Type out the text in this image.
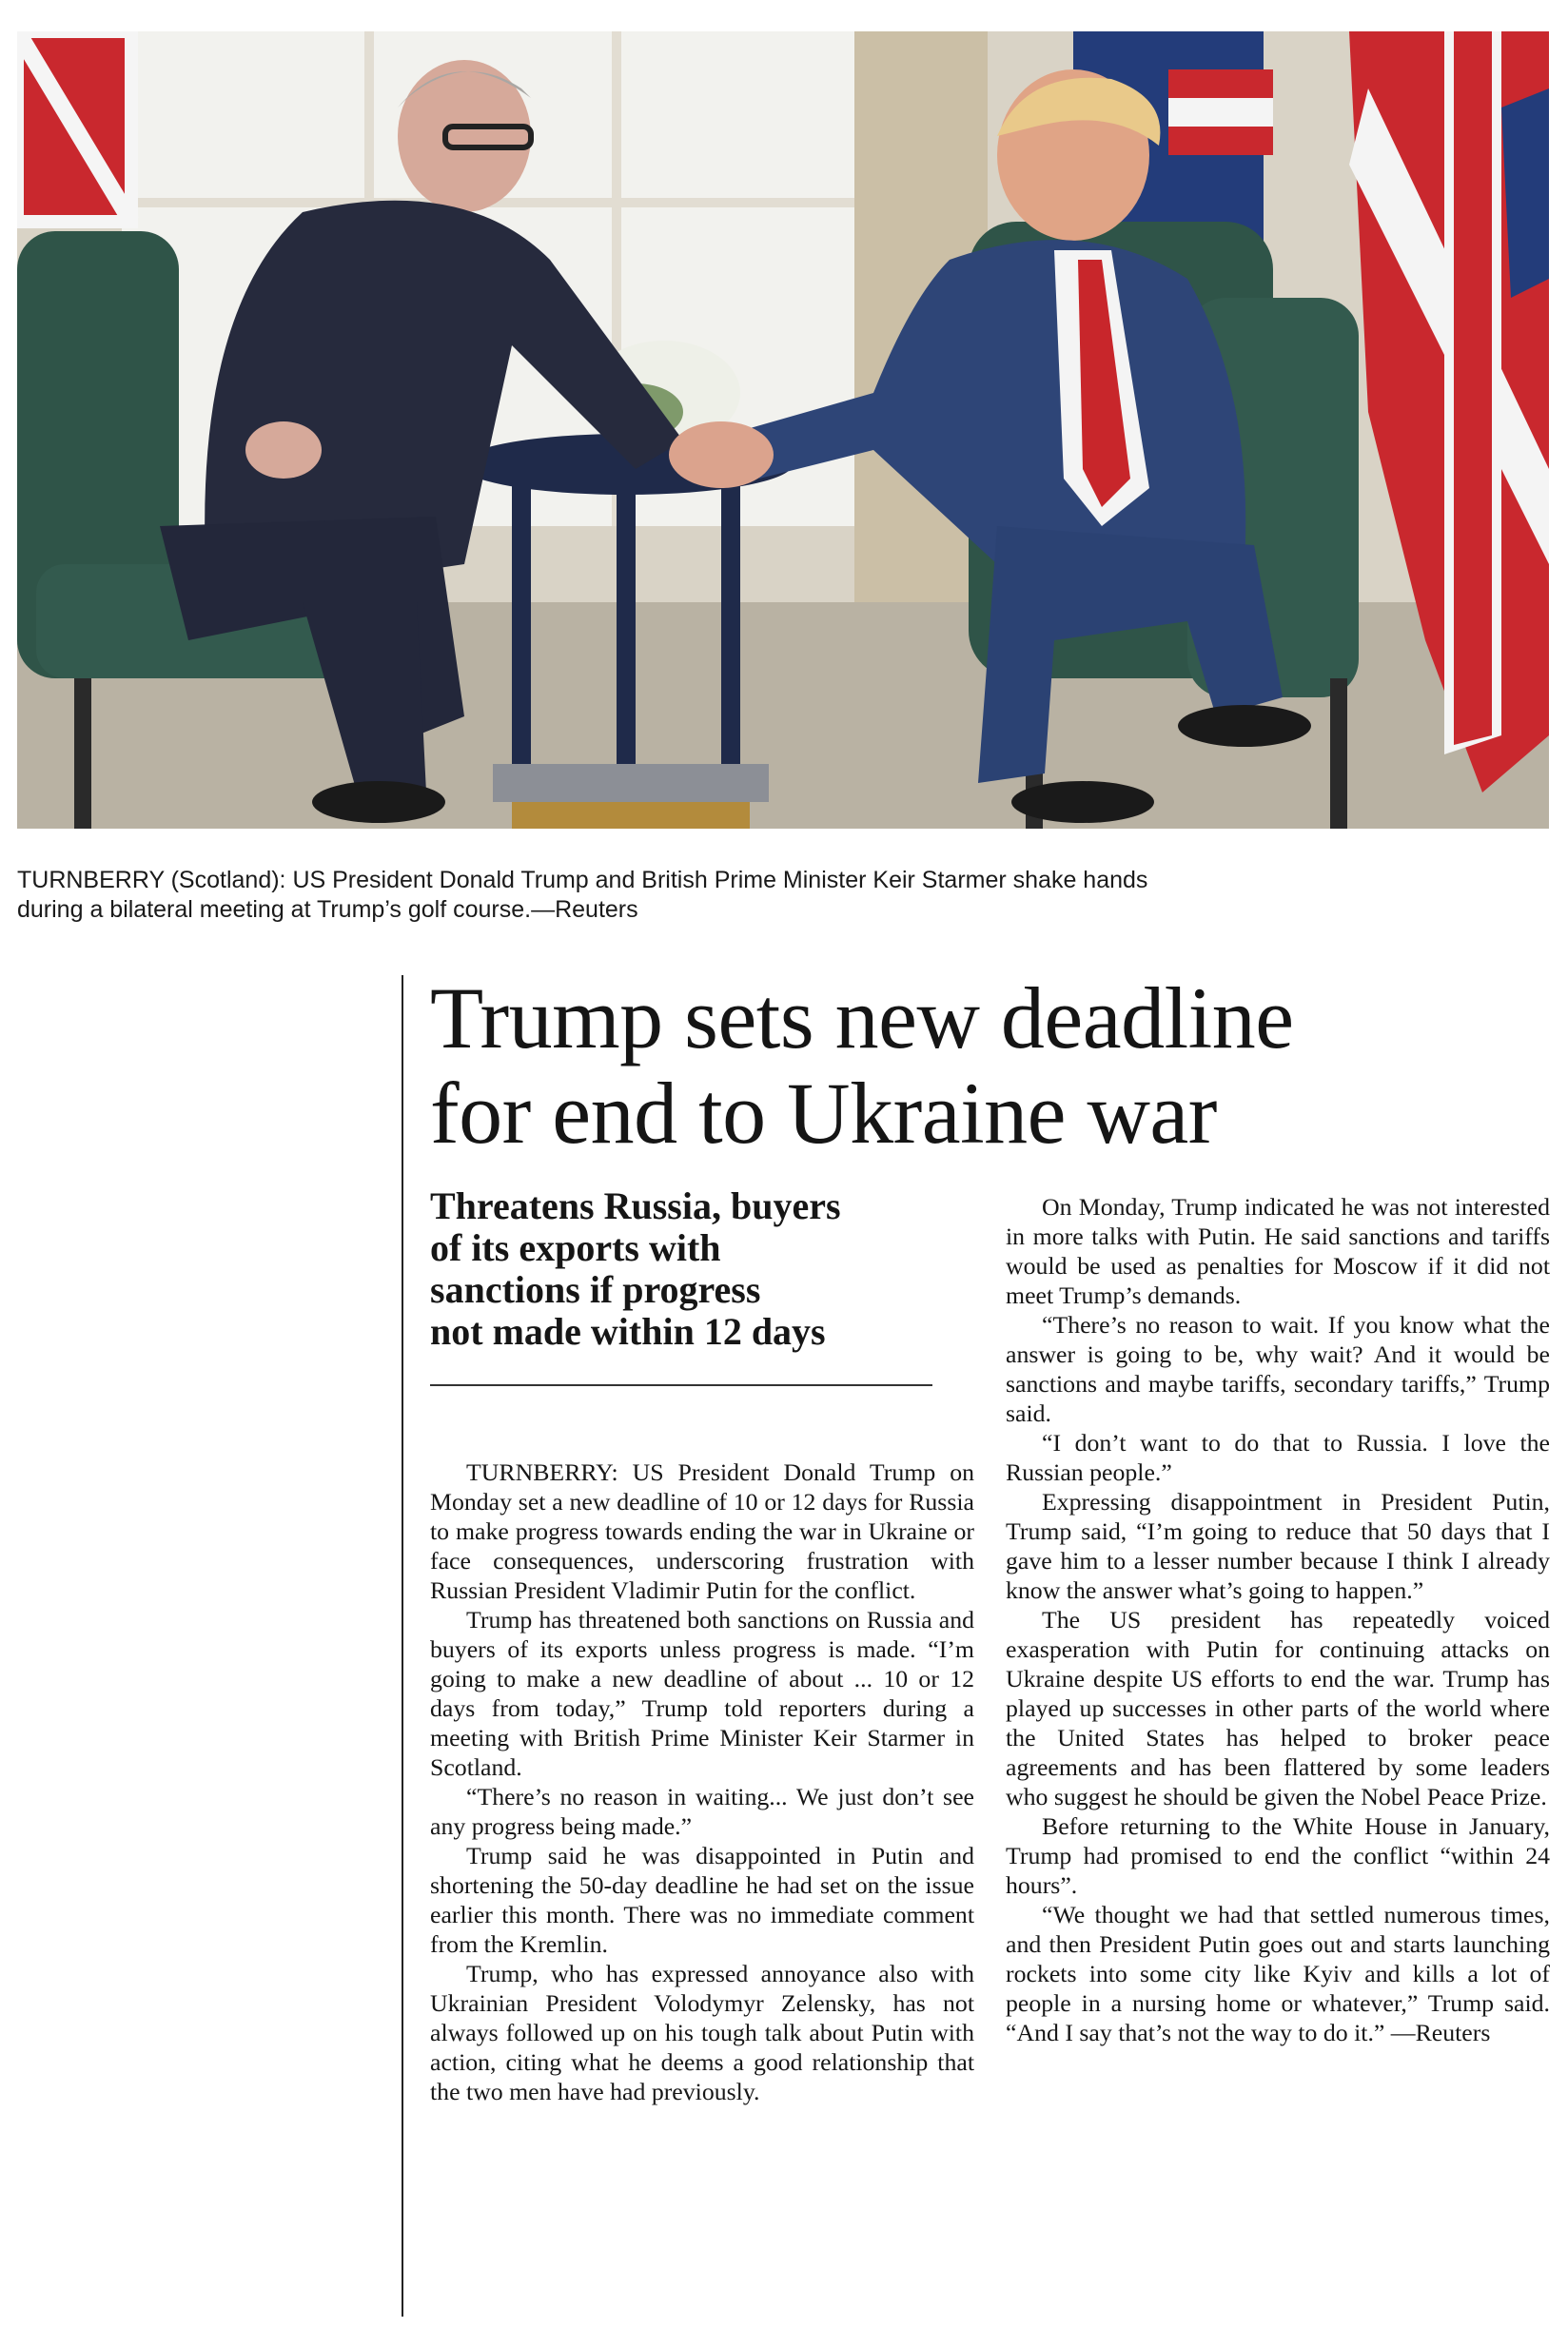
TURNBERRY (Scotland): US President Donald Trump and British Prime Minister Keir Starmer shake hands

during a bilateral meeting at Trump’s golf course.—Reuters

Trump sets new deadline
for end to Ukraine war
Threatens Russia, buyers
of its exports with
sanctions if progress
not made within 12 days

TURNBERRY: US President Donald Trump on Monday set a new deadline of 10 or 12 days for Russia to make progress towards ending the war in Ukraine or face consequences, underscoring frustration with Russian President Vladimir Putin for the conflict.

Trump has threatened both sanctions on Russia and buyers of its exports unless progress is made. “I’m going to make a new deadline of about ... 10 or 12 days from today,” Trump told reporters during a meeting with British Prime Minister Keir Starmer in Scotland.

“There’s no reason in waiting... We just don’t see any progress being made.”

Trump said he was disappointed in Putin and shortening the 50-day deadline he had set on the issue earlier this month. There was no immediate comment from the Kremlin.

Trump, who has expressed annoyance also with Ukrainian President Volodymyr Zelensky, has not always followed up on his tough talk about Putin with action, citing what he deems a good relationship that the two men have had previously.

On Monday, Trump indicated he was not interested in more talks with Putin. He said sanctions and tariffs would be used as penalties for Moscow if it did not meet Trump’s demands.

“There’s no reason to wait. If you know what the answer is going to be, why wait? And it would be sanctions and maybe tariffs, secondary tariffs,” Trump said.

“I don’t want to do that to Russia. I love the Russian people.”

Expressing disappointment in President Putin, Trump said, “I’m going to reduce that 50 days that I gave him to a lesser number because I think I already know the answer what’s going to happen.”

The US president has repeatedly voiced exasperation with Putin for continuing attacks on Ukraine despite US efforts to end the war. Trump has played up successes in other parts of the world where the United States has helped to broker peace agreements and has been flattered by some leaders who suggest he should be given the Nobel Peace Prize.

Before returning to the White House in January, Trump had promised to end the conflict “within 24 hours”.

“We thought we had that settled numerous times, and then President Putin goes out and starts launching rockets into some city like Kyiv and kills a lot of people in a nursing home or whatever,” Trump said. “And I say that’s not the way to do it.” —Reuters
